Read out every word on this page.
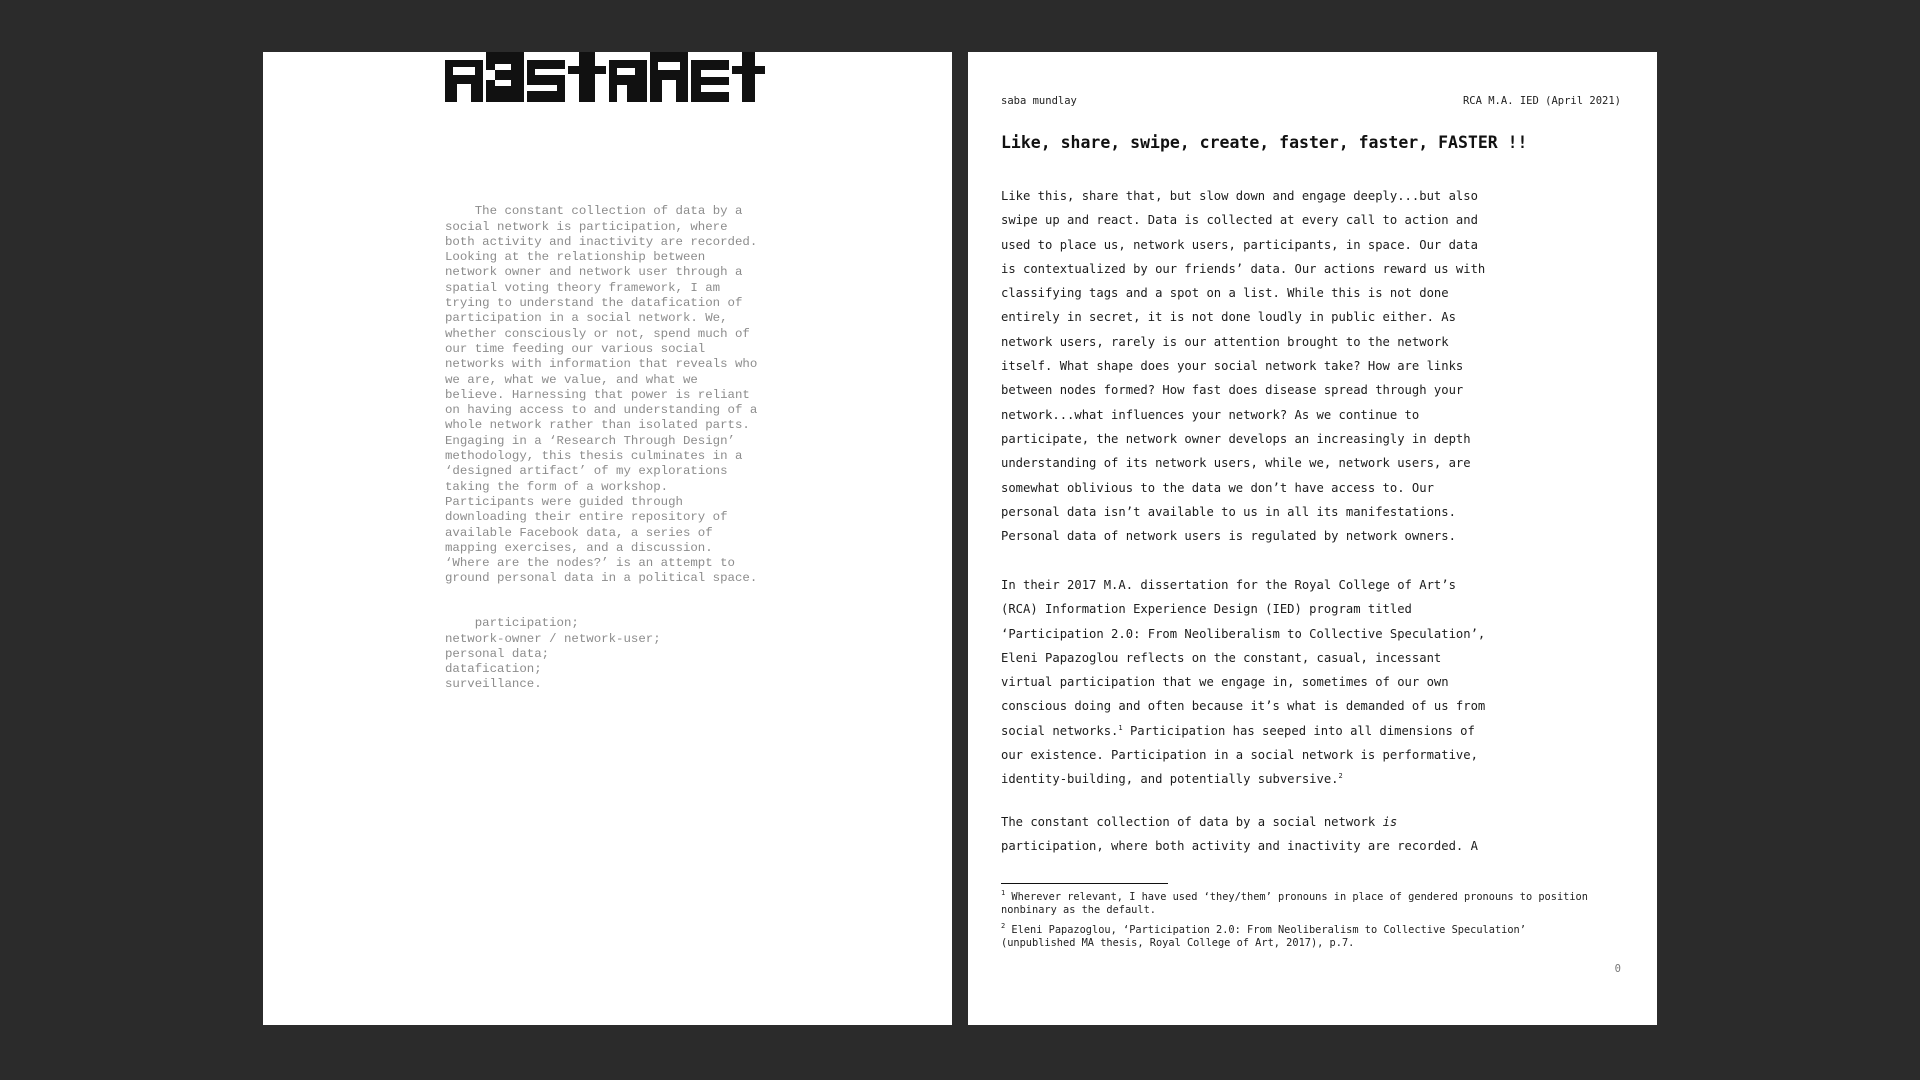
The constant collection of data by a
social network is participation, where
both activity and inactivity are recorded.
Looking at the relationship between
network owner and network user through a
spatial voting theory framework, I am
trying to understand the datafication of
participation in a social network. We,
whether consciously or not, spend much of
our time feeding our various social
networks with information that reveals who
we are, what we value, and what we
believe. Harnessing that power is reliant
on having access to and understanding of a
whole network rather than isolated parts.
Engaging in a ‘Research Through Design’
methodology, this thesis culminates in a
‘designed artifact’ of my explorations
taking the form of a workshop.
Participants were guided through
downloading their entire repository of
available Facebook data, a series of
mapping exercises, and a discussion.
‘Where are the nodes?’ is an attempt to
ground personal data in a political space.

participation;
network-owner / network-user;
personal data;
datafication;
surveillance.

saba mundlay	RCA M.A. IED (April 2021)
Like, share, swipe, create, faster, faster, FASTER !!
Like this, share that, but slow down and engage deeply...but also
swipe up and react. Data is collected at every call to action and
used to place us, network users, participants, in space. Our data
is contextualized by our friends’ data. Our actions reward us with
classifying tags and a spot on a list. While this is not done
entirely in secret, it is not done loudly in public either. As
network users, rarely is our attention brought to the network
itself. What shape does your social network take? How are links
between nodes formed? How fast does disease spread through your
network...what influences your network? As we continue to
participate, the network owner develops an increasingly in depth
understanding of its network users, while we, network users, are
somewhat oblivious to the data we don’t have access to. Our
personal data isn’t available to us in all its manifestations.
Personal data of network users is regulated by network owners.
In their 2017 M.A. dissertation for the Royal College of Art’s
(RCA) Information Experience Design (IED) program titled
‘Participation 2.0: From Neoliberalism to Collective Speculation’,
Eleni Papazoglou reflects on the constant, casual, incessant
virtual participation that we engage in, sometimes of our own
conscious doing and often because it’s what is demanded of us from
social networks.$^1$ Participation has seeped into all dimensions of
our existence. Participation in a social network is performative,
identity-building, and potentially subversive.$^2$
The constant collection of data by a social network is
participation, where both activity and inactivity are recorded. A
$^1$ Wherever relevant, I have used ‘they/them’ pronouns in place of gendered pronouns to position
nonbinary as the default.
$^2$ Eleni Papazoglou, ‘Participation 2.0: From Neoliberalism to Collective Speculation’
(unpublished MA thesis, Royal College of Art, 2017), p.7.
0
